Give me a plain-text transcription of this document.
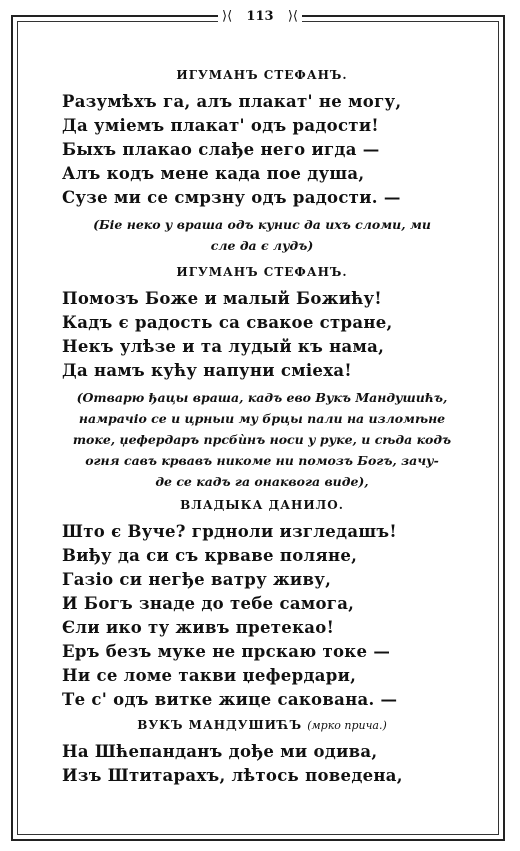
⟩⟨	113	⟩⟨
ИГУМАНЪ СТЕФАНЪ.
Разумѣхъ га, алъ плакат' не могу,
Да уміемъ плакат' одъ радости!
Быхъ плакао слађе него игда —
Алъ кодъ мене када пое душа,
Сузе ми се смрзну одъ радости. —
(Біе неко у враша одъ кунис да ихъ сломи, ми
сле да є лудъ)
ИГУМАНЪ СТЕФАНЪ.
Помозъ Боже и малый Божићу!
Кадъ є радость са свакое стране,
Некъ улѣзе и та лудый къ нама,
Да намъ кућу напуни сміеха!
(Отварю ђацы враша, кадъ ево Вукъ Мандушићъ,
намрачіо се и црныи му брцы пали на изломѣне
токе, џефердаръ прсбѝнъ носи у руке, и сѣда кодъ
огня савъ крвавъ никоме ни помозъ Богъ, зачу-
де се кадъ га онаквога виде),
ВЛАДЫКА ДАНИЛО.
Што є Вуче? грдноли изгледашъ!
Виђу да си съ крваве поляне,
Газіо си негђе ватру живу,
И Богъ знаде до тебе самога,
Єли ико ту живъ претекао!
Еръ безъ муке не прскаю токе —
Ни се ломе такви џефердари,
Те с' одъ витке жице сакована. —
ВУКЪ МАНДУШИЋЪ (мрко прича.)
На Шћепанданъ дође ми одива,
Изъ Штитарахъ, лѣтось поведена,
